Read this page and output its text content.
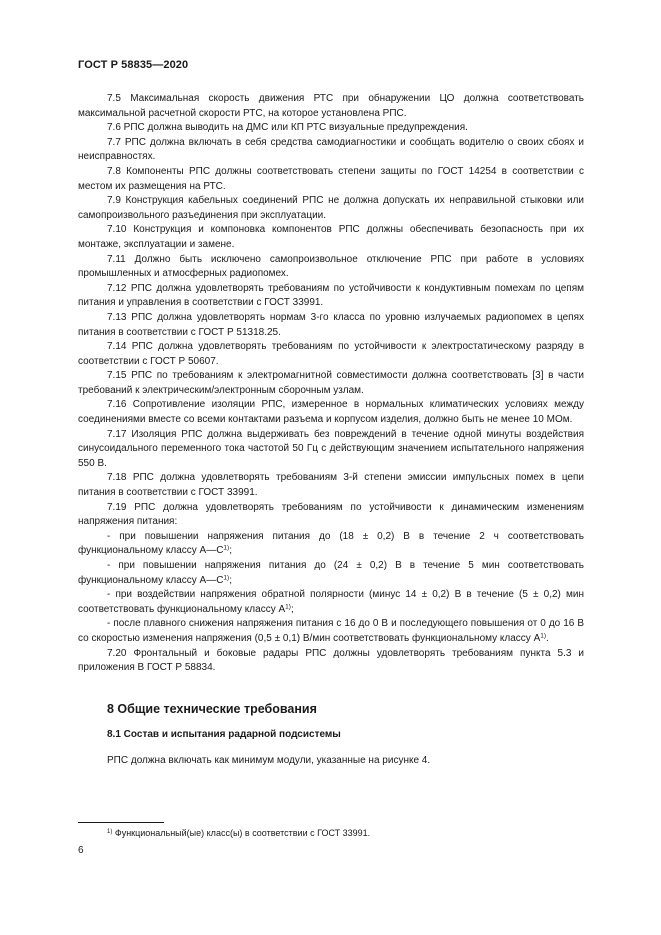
ГОСТ Р 58835—2020

7.5 Максимальная скорость движения РТС при обнаружении ЦО должна соответствовать максимальной расчетной скорости РТС, на которое установлена РПС.

7.6 РПС должна выводить на ДМС или КП РТС визуальные предупреждения.

7.7 РПС должна включать в себя средства самодиагностики и сообщать водителю о своих сбоях и неисправностях.

7.8 Компоненты РПС должны соответствовать степени защиты по ГОСТ 14254 в соответствии с местом их размещения на РТС.

7.9 Конструкция кабельных соединений РПС не должна допускать их неправильной стыковки или самопроизвольного разъединения при эксплуатации.

7.10 Конструкция и компоновка компонентов РПС должны обеспечивать безопасность при их монтаже, эксплуатации и замене.

7.11 Должно быть исключено самопроизвольное отключение РПС при работе в условиях промышленных и атмосферных радиопомех.

7.12 РПС должна удовлетворять требованиям по устойчивости к кондуктивным помехам по цепям питания и управления в соответствии с ГОСТ 33991.

7.13 РПС должна удовлетворять нормам 3-го класса по уровню излучаемых радиопомех в цепях питания в соответствии с ГОСТ Р 51318.25.

7.14 РПС должна удовлетворять требованиям по устойчивости к электростатическому разряду в соответствии с ГОСТ Р 50607.

7.15 РПС по требованиям к электромагнитной совместимости должна соответствовать [3] в части требований к электрическим/электронным сборочным узлам.

7.16 Сопротивление изоляции РПС, измеренное в нормальных климатических условиях между соединениями вместе со всеми контактами разъема и корпусом изделия, должно быть не менее 10 МОм.

7.17 Изоляция РПС должна выдерживать без повреждений в течение одной минуты воздействия синусоидального переменного тока частотой 50 Гц с действующим значением испытательного напряжения 550 В.

7.18 РПС должна удовлетворять требованиям 3-й степени эмиссии импульсных помех в цепи питания в соответствии с ГОСТ 33991.

7.19 РПС должна удовлетворять требованиям по устойчивости к динамическим изменениям напряжения питания:

- при повышении напряжения питания до (18 ± 0,2) В в течение 2 ч соответствовать функциональному классу А—С$^{1)}$;

- при повышении напряжения питания до (24 ± 0,2) В в течение 5 мин соответствовать функциональному классу А—С$^{1)}$;

- при воздействии напряжения обратной полярности (минус 14 ± 0,2) В в течение (5 ± 0,2) мин соответствовать функциональному классу А$^{1)}$;

- после плавного снижения напряжения питания с 16 до 0 В и последующего повышения от 0 до 16 В со скоростью изменения напряжения (0,5 ± 0,1) В/мин соответствовать функциональному классу А$^{1)}$.

7.20 Фронтальный и боковые радары РПС должны удовлетворять требованиям пункта 5.3 и приложения В ГОСТ Р 58834.

8 Общие технические требования
8.1 Состав и испытания радарной подсистемы
РПС должна включать как минимум модули, указанные на рисунке 4.
$^{1)}$ Функциональный(ые) класс(ы) в соответствии с ГОСТ 33991.
6
